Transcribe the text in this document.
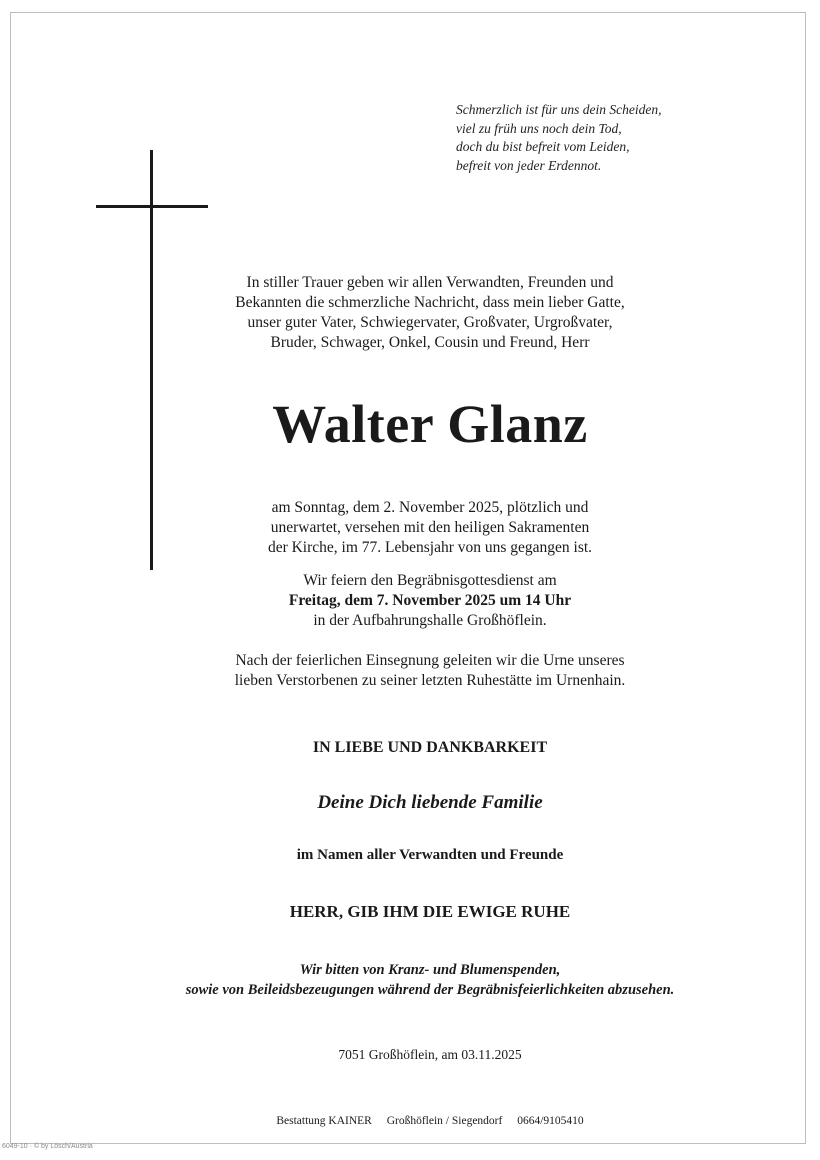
Schmerzlich ist für uns dein Scheiden,
viel zu früh uns noch dein Tod,
doch du bist befreit vom Leiden,
befreit von jeder Erdennot.
In stiller Trauer geben wir allen Verwandten, Freunden und
Bekannten die schmerzliche Nachricht, dass mein lieber Gatte,
unser guter Vater, Schwiegervater, Großvater, Urgroßvater,
Bruder, Schwager, Onkel, Cousin und Freund, Herr
Walter Glanz
am Sonntag, dem 2. November 2025, plötzlich und
unerwartet, versehen mit den heiligen Sakramenten
der Kirche, im 77. Lebensjahr von uns gegangen ist.
Wir feiern den Begräbnisgottesdienst am
Freitag, dem 7. November 2025 um 14 Uhr
in der Aufbahrungshalle Großhöflein.
Nach der feierlichen Einsegnung geleiten wir die Urne unseres
lieben Verstorbenen zu seiner letzten Ruhestätte im Urnenhain.
IN LIEBE UND DANKBARKEIT
Deine Dich liebende Familie
im Namen aller Verwandten und Freunde
HERR, GIB IHM DIE EWIGE RUHE
Wir bitten von Kranz- und Blumenspenden,
sowie von Beileidsbezeugungen während der Begräbnisfeierlichkeiten abzusehen.
7051 Großhöflein, am 03.11.2025
Bestattung KAINER Großhöflein / Siegendorf 0664/9105410
6049-10 · © by Lösch/Austria
